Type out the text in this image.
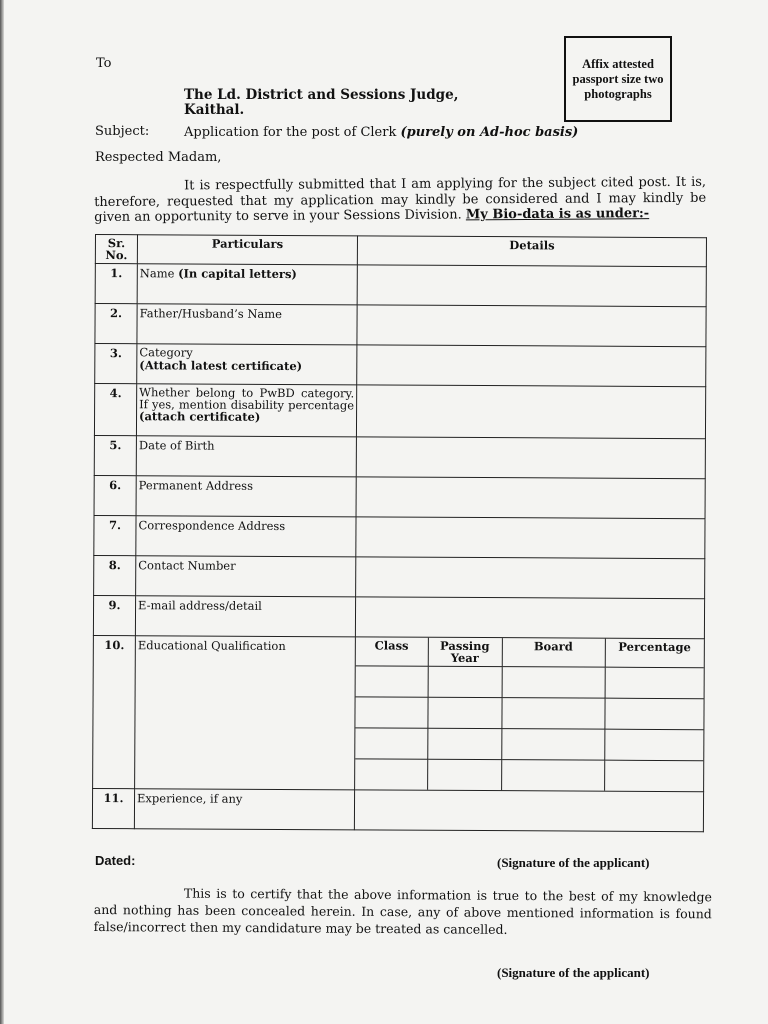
To
The Ld. District and Sessions Judge,
Kaithal.
Affix attested passport size two photographs
Subject:	Application for the post of Clerk (purely on Ad-hoc basis)
Respected Madam,
It is respectfully submitted that I am applying for the subject cited post. It is, therefore, requested that my application may kindly be considered and I may kindly be given an opportunity to serve in your Sessions Division. My Bio-data is as under:-
Sr. No.	Particulars	Details
1.	Name (In capital letters)	
2.	Father/Husband’s Name	
3.	Category
(Attach latest certificate)

4.	Whether belong to PwBD category. If yes, mention disability percentage (attach certificate)	
5.	Date of Birth	
6.	Permanent Address	
7.	Correspondence Address	
8.	Contact Number	
9.	E-mail address/detail	
10.	Educational Qualification		Class	Passing Year	Board	Percentage

11.	Experience, if any	
Dated:	(Signature of the applicant)
This is to certify that the above information is true to the best of my knowledge and nothing has been concealed herein. In case, any of above mentioned information is found false/incorrect then my candidature may be treated as cancelled.
(Signature of the applicant)
